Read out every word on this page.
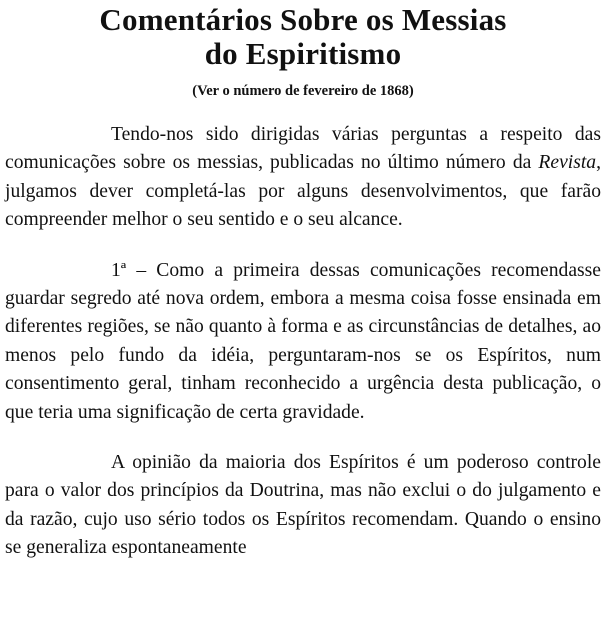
Comentários Sobre os Messias
do Espiritismo

(Ver o número de fevereiro de 1868)

Tendo-nos sido dirigidas várias perguntas a respeito das comunicações sobre os messias, publicadas no último número da Revista, julgamos dever completá-las por alguns desenvolvimentos, que farão compreender melhor o seu sentido e o seu alcance.

1ª – Como a primeira dessas comunicações recomendasse guardar segredo até nova ordem, embora a mesma coisa fosse ensinada em diferentes regiões, se não quanto à forma e as circunstâncias de detalhes, ao menos pelo fundo da idéia, perguntaram-nos se os Espíritos, num consentimento geral, tinham reconhecido a urgência desta publicação, o que teria uma significação de certa gravidade.

A opinião da maioria dos Espíritos é um poderoso controle para o valor dos princípios da Doutrina, mas não exclui o do julgamento e da razão, cujo uso sério todos os Espíritos recomendam. Quando o ensino se generaliza espontaneamente
